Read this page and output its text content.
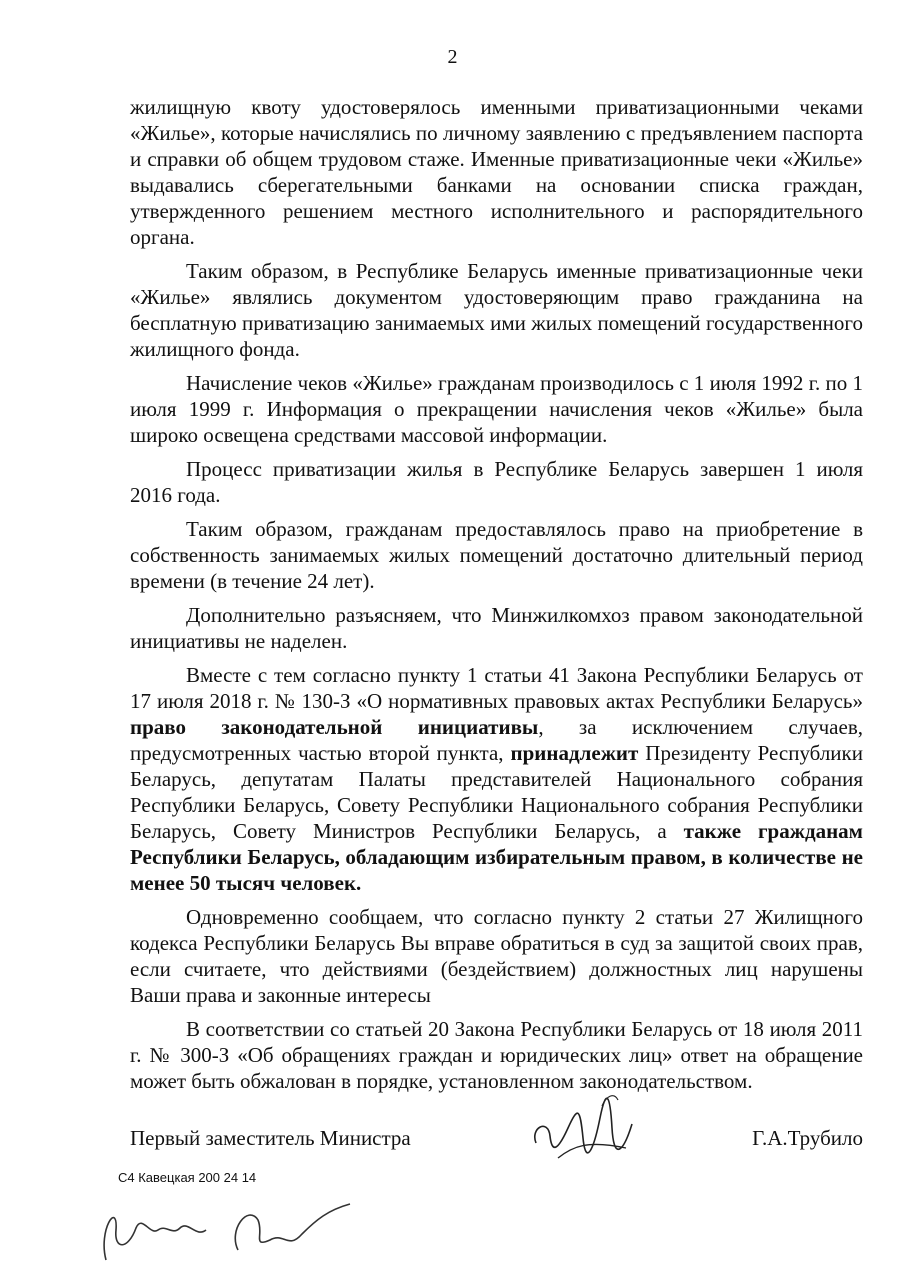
2

жилищную квоту удостоверялось именными приватизационными чеками «Жилье», которые начислялись по личному заявлению с предъявлением паспорта и справки об общем трудовом стаже. Именные приватизационные чеки «Жилье» выдавались сберегательными банками на основании списка граждан, утвержденного решением местного исполнительного и распорядительного органа.

Таким образом, в Республике Беларусь именные приватизационные чеки «Жилье» являлись документом удостоверяющим право гражданина на бесплатную приватизацию занимаемых ими жилых помещений государственного жилищного фонда.

Начисление чеков «Жилье» гражданам производилось с 1 июля 1992 г. по 1 июля 1999 г. Информация о прекращении начисления чеков «Жилье» была широко освещена средствами массовой информации.

Процесс приватизации жилья в Республике Беларусь завершен 1 июля 2016 года.

Таким образом, гражданам предоставлялось право на приобретение в собственность занимаемых жилых помещений достаточно длительный период времени (в течение 24 лет).

Дополнительно разъясняем, что Минжилкомхоз правом законодательной инициативы не наделен.

Вместе с тем согласно пункту 1 статьи 41 Закона Республики Беларусь от 17 июля 2018 г. № 130-З «О нормативных правовых актах Республики Беларусь» право законодательной инициативы, за исключением случаев, предусмотренных частью второй пункта, принадлежит Президенту Республики Беларусь, депутатам Палаты представителей Национального собрания Республики Беларусь, Совету Республики Национального собрания Республики Беларусь, Совету Министров Республики Беларусь, а также гражданам Республики Беларусь, обладающим избирательным правом, в количестве не менее 50 тысяч человек.

Одновременно сообщаем, что согласно пункту 2 статьи 27 Жилищного кодекса Республики Беларусь Вы вправе обратиться в суд за защитой своих прав, если считаете, что действиями (бездействием) должностных лиц нарушены Ваши права и законные интересы

В соответствии со статьей 20 Закона Республики Беларусь от 18 июля 2011 г. № 300-З «Об обращениях граждан и юридических лиц» ответ на обращение может быть обжалован в порядке, установленном законодательством.

Первый заместитель Министра	Г.А.Трубило
С4 Кавецкая 200 24 14
